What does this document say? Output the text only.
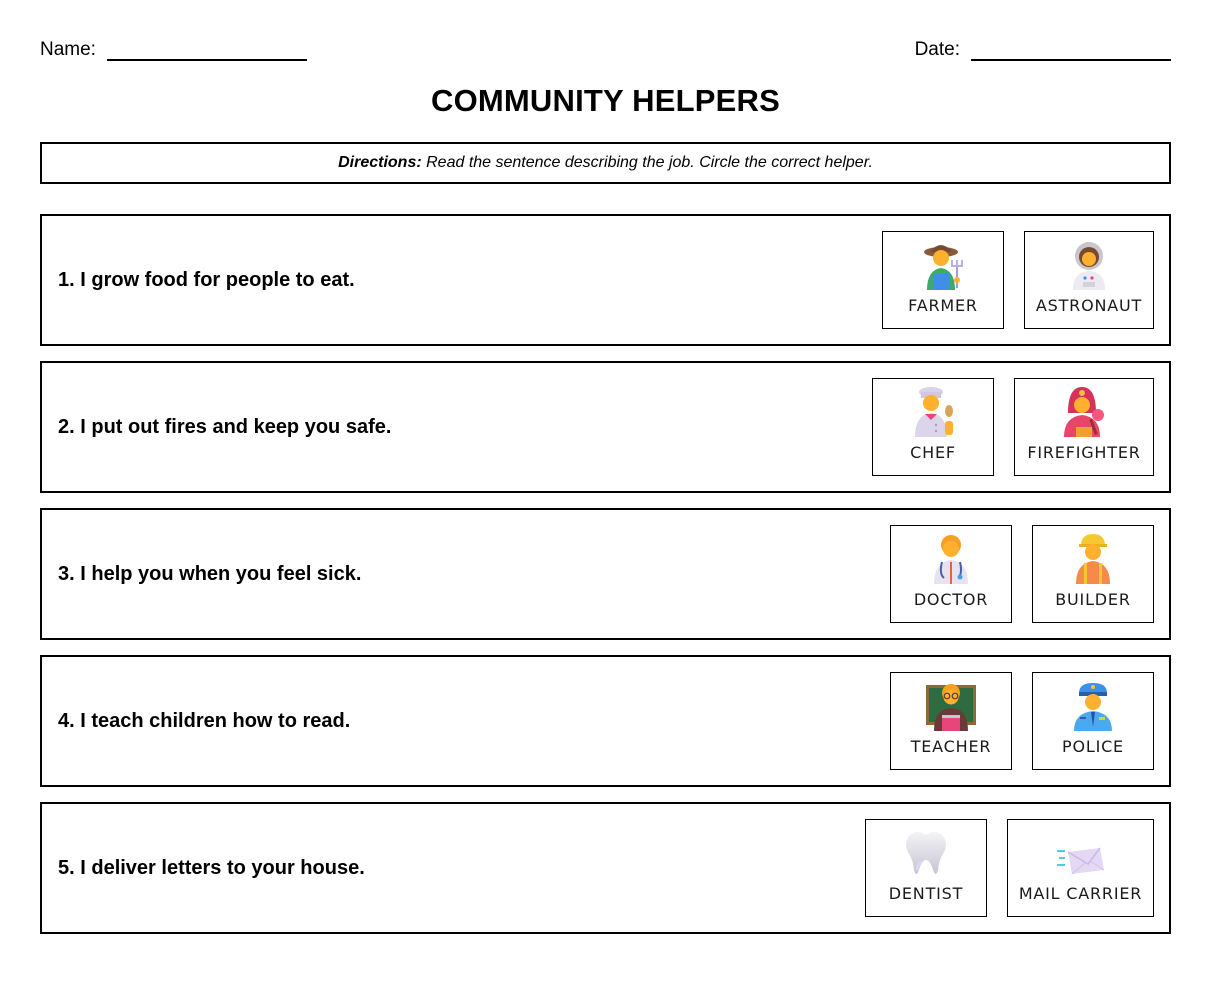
Name:	Date:
COMMUNITY HELPERS
Directions: Read the sentence describing the job. Circle the correct helper.
1. I grow food for people to eat.
FARMER	ASTRONAUT
2. I put out fires and keep you safe.
CHEF	FIREFIGHTER
3. I help you when you feel sick.
DOCTOR	BUILDER
4. I teach children how to read.
TEACHER	POLICE
5. I deliver letters to your house.
DENTIST	MAIL CARRIER
